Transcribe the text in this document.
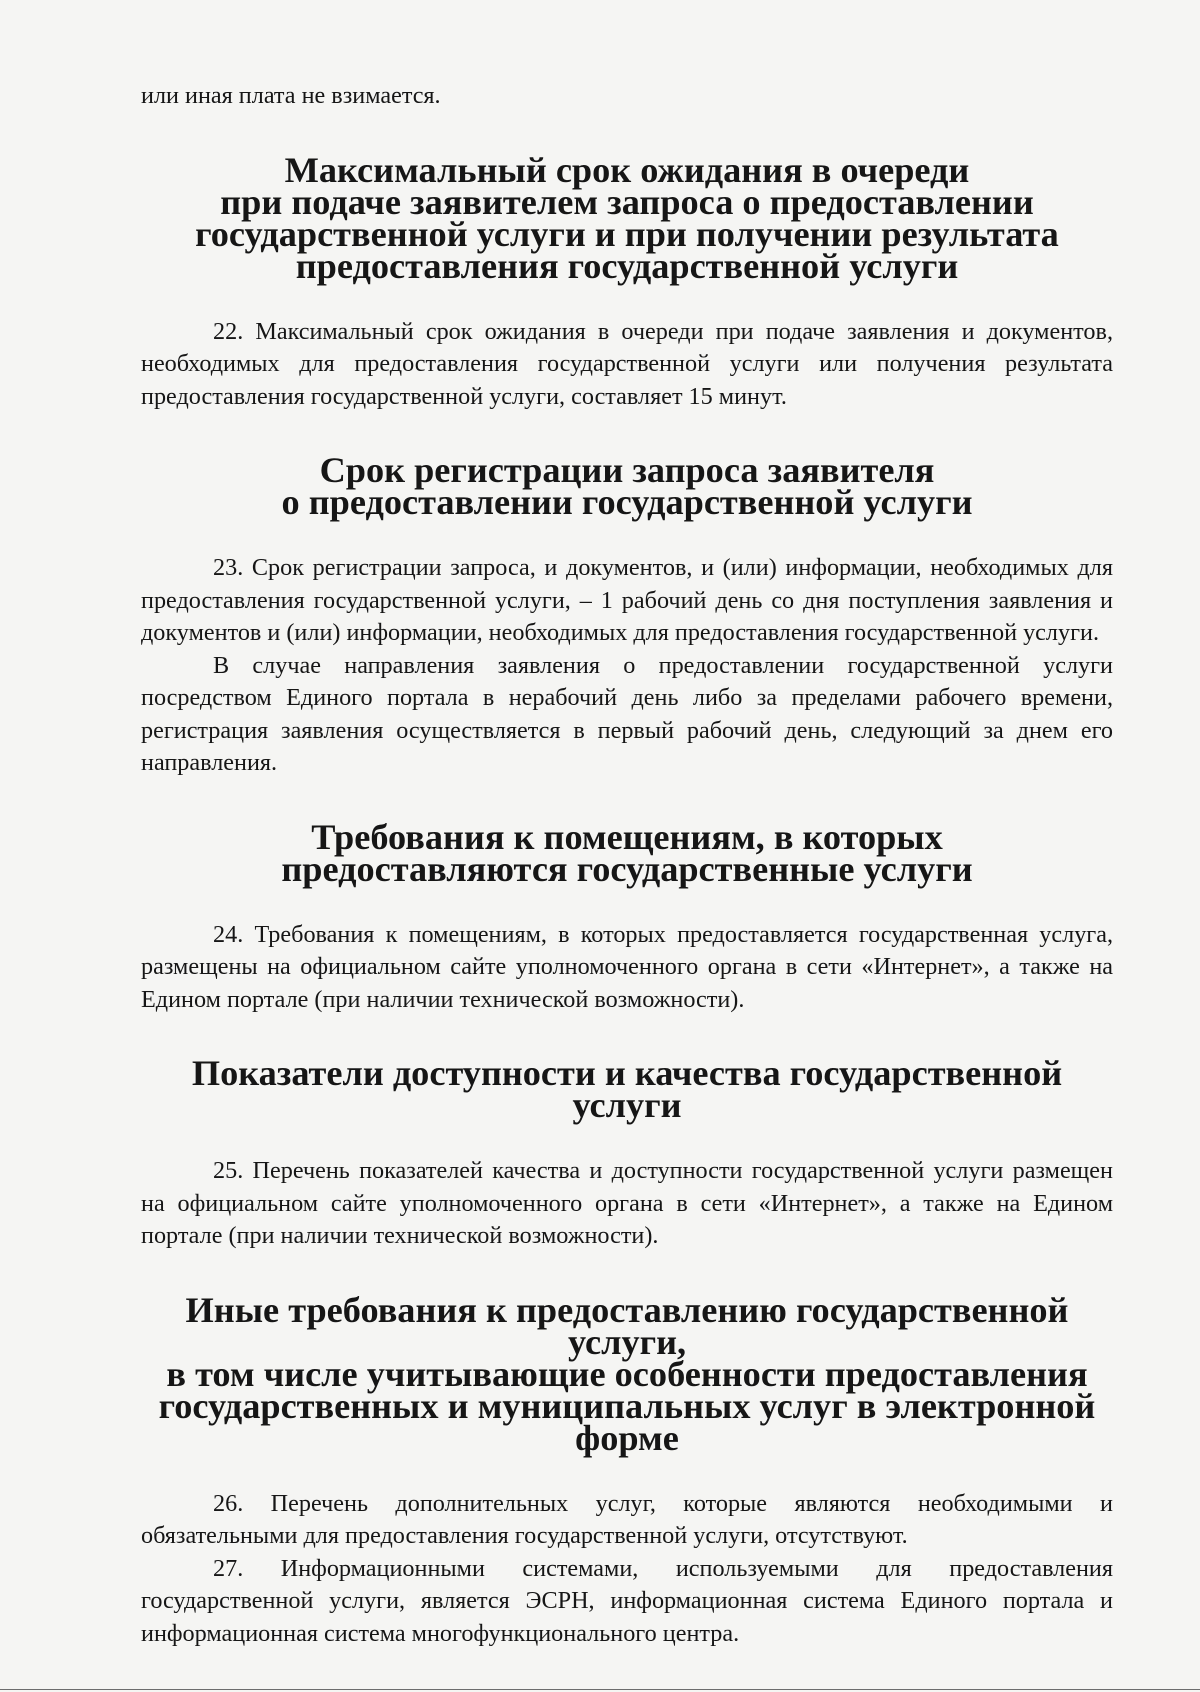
или иная плата не взимается.

Максимальный срок ожидания в очереди
при подаче заявителем запроса о предоставлении
государственной услуги и при получении результата
предоставления государственной услуги

22. Максимальный срок ожидания в очереди при подаче заявления и документов, необходимых для предоставления государственной услуги или получения результата предоставления государственной услуги, составляет 15 минут.

Срок регистрации запроса заявителя
о предоставлении государственной услуги

23. Срок регистрации запроса, и документов, и (или) информации, необходимых для предоставления государственной услуги, – 1 рабочий день со дня поступления заявления и документов и (или) информации, необходимых для предоставления государственной услуги.

В случае направления заявления о предоставлении государственной услуги посредством Единого портала в нерабочий день либо за пределами рабочего времени, регистрация заявления осуществляется в первый рабочий день, следующий за днем его направления.

Требования к помещениям, в которых
предоставляются государственные услуги

24. Требования к помещениям, в которых предоставляется государственная услуга, размещены на официальном сайте уполномоченного органа в сети «Интернет», а также на Едином портале (при наличии технической возможности).

Показатели доступности и качества государственной услуги

25. Перечень показателей качества и доступности государственной услуги размещен на официальном сайте уполномоченного органа в сети «Интернет», а также на Едином портале (при наличии технической возможности).

Иные требования к предоставлению государственной услуги,
в том числе учитывающие особенности предоставления
государственных и муниципальных услуг в электронной форме

26. Перечень дополнительных услуг, которые являются необходимыми и обязательными для предоставления государственной услуги, отсутствуют.

27. Информационными системами, используемыми для предоставления государственной услуги, является ЭСРН, информационная система Единого портала и информационная система многофункционального центра.
